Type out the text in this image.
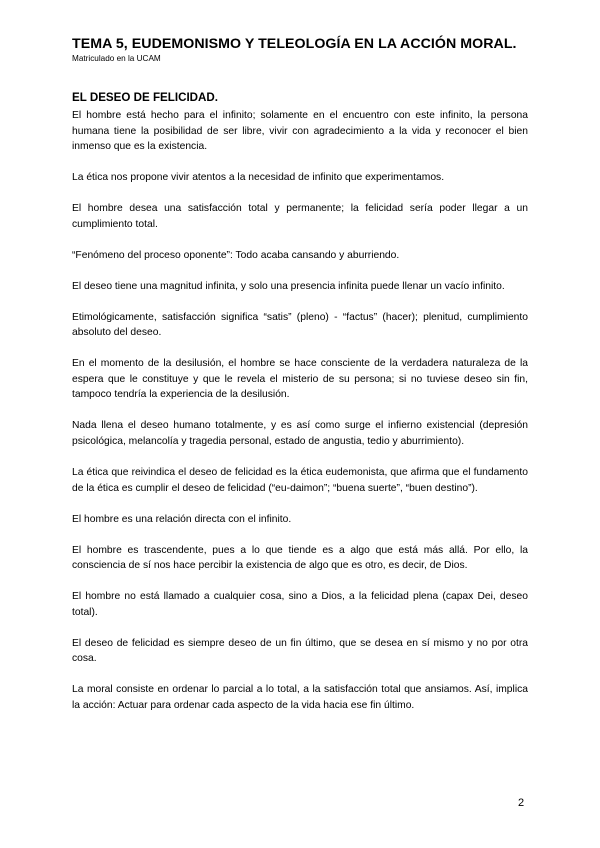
TEMA 5, EUDEMONISMO Y TELEOLOGÍA EN LA ACCIÓN MORAL.
Matriculado en la UCAM
EL DESEO DE FELICIDAD.

El hombre está hecho para el infinito; solamente en el encuentro con este infinito, la persona humana tiene la posibilidad de ser libre, vivir con agradecimiento a la vida y reconocer el bien inmenso que es la existencia.

La ética nos propone vivir atentos a la necesidad de infinito que experimentamos.

El hombre desea una satisfacción total y permanente; la felicidad sería poder llegar a un cumplimiento total.

“Fenómeno del proceso oponente”: Todo acaba cansando y aburriendo.

El deseo tiene una magnitud infinita, y solo una presencia infinita puede llenar un vacío infinito.

Etimológicamente, satisfacción significa “satis” (pleno) - “factus” (hacer); plenitud, cumplimiento absoluto del deseo.

En el momento de la desilusión, el hombre se hace consciente de la verdadera naturaleza de la espera que le constituye y que le revela el misterio de su persona; si no tuviese deseo sin fin, tampoco tendría la experiencia de la desilusión.

Nada llena el deseo humano totalmente, y es así como surge el infierno existencial (depresión psicológica, melancolía y tragedia personal, estado de angustia, tedio y aburrimiento).

La ética que reivindica el deseo de felicidad es la ética eudemonista, que afirma que el fundamento de la ética es cumplir el deseo de felicidad (“eu-daimon”; “buena suerte”, “buen destino”).

El hombre es una relación directa con el infinito.

El hombre es trascendente, pues a lo que tiende es a algo que está más allá. Por ello, la consciencia de sí nos hace percibir la existencia de algo que es otro, es decir, de Dios.

El hombre no está llamado a cualquier cosa, sino a Dios, a la felicidad plena (capax Dei, deseo total).

El deseo de felicidad es siempre deseo de un fin último, que se desea en sí mismo y no por otra cosa.

La moral consiste en ordenar lo parcial a lo total, a la satisfacción total que ansiamos. Así, implica la acción: Actuar para ordenar cada aspecto de la vida hacia ese fin último.

2
